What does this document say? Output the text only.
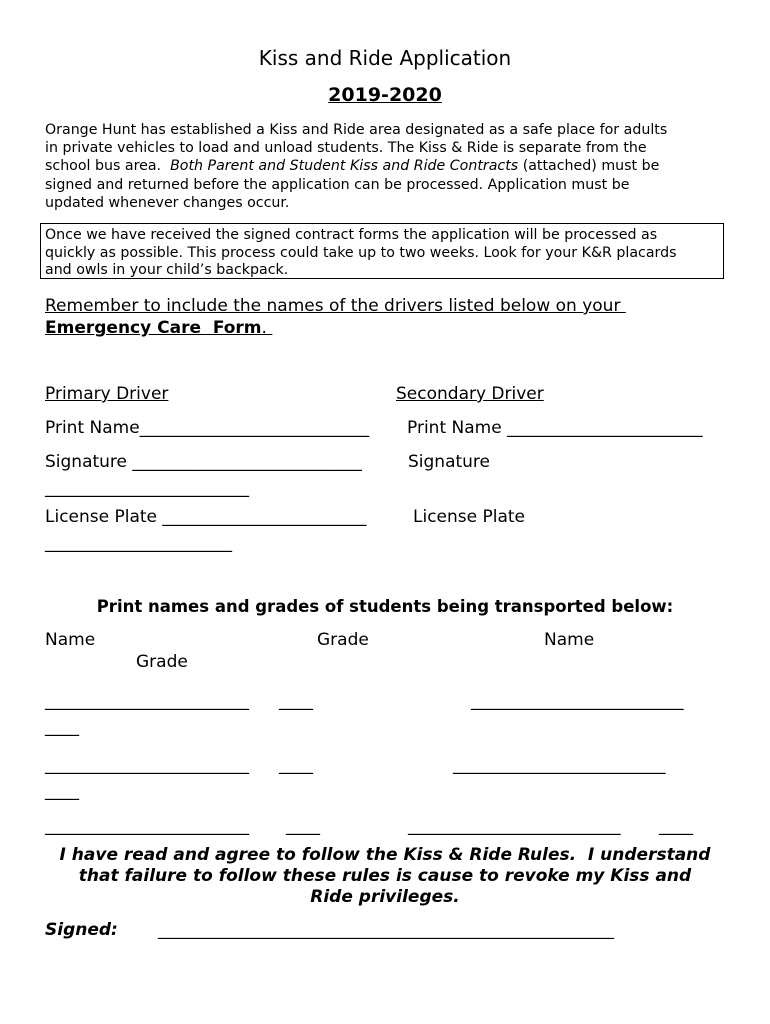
Kiss and Ride Application
2019-2020
Orange Hunt has established a Kiss and Ride area designated as a safe place for adults
in private vehicles to load and unload students. The Kiss & Ride is separate from the
school bus area.  Both Parent and Student Kiss and Ride Contracts (attached) must be
signed and returned before the application can be processed. Application must be
updated whenever changes occur.
Once we have received the signed contract forms the application will be processed as
quickly as possible. This process could take up to two weeks. Look for your K&R placards
and owls in your child’s backpack.
Remember to include the names of the drivers listed below on your
Emergency Care  Form.
Primary Driver	Secondary Driver
Print Name___________________________ Print Name _______________________
Signature ___________________________	Signature
________________________
License Plate ________________________	License Plate
______________________
Print names and grades of students being transported below:
Name	Grade	Name
Grade
________________________ ____	_________________________
____
________________________ ____	_________________________
____
________________________ ____	_________________________ ____
I have read and agree to follow the Kiss & Ride Rules.  I understand
that failure to follow these rules is cause to revoke my Kiss and
Ride privileges.
Signed:	_________________________________________________________
